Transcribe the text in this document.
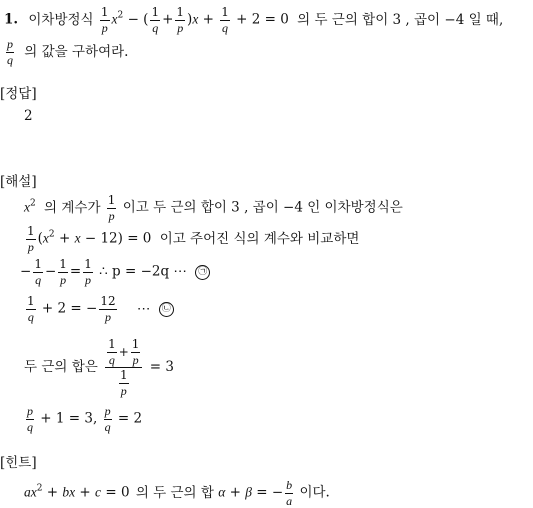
1. 이차방정식 $\frac{1}{p} x^2$ − ( $\frac{1}{q} + \frac{1}{p} )x + \frac{1}{q} + 2 = 0$ 의 두 근의 합이 3 , 곱이 −4 일 때,
$\frac{p}{q}$ 의 값을 구하여라.
[정답]
2
[해설]
$x^2$ 의 계수가 $\frac{1}{p}$ 이고 두 근의 합이 3 , 곱이 −4 인 이차방정식은
$\frac{1}{p} (x^2 + x - 12) = 0$ 이고 주어진 식의 계수와 비교하면
− $\frac{1}{q} - \frac{1}{p} = \frac{1}{p}$ ∴ p = −2q ⋯ ㉠
$\frac{1}{q} + 2$ = − $\frac{12}{p}$ ⋯ ㉡
두 근의 합은 $\frac{\frac{1}{q} + \frac{1}{p}}{\frac{1}{p}} = 3$
$\frac{p}{q} + 1 = 3$, $\frac{p}{q} = 2$
[힌트]
$ax^2$ + bx + c = 0 의 두 근의 합 α + β = − $\frac{b}{a}$ 이다.
